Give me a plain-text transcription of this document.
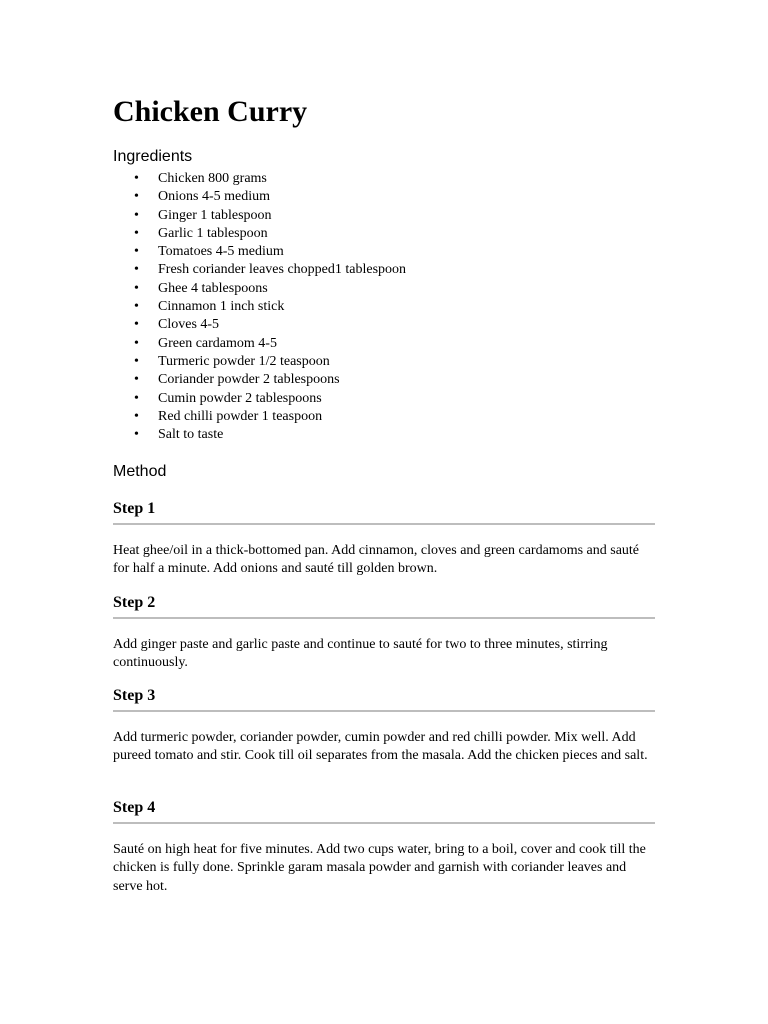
Chicken Curry
Ingredients
• Chicken 800 grams
• Onions 4-5 medium
• Ginger 1 tablespoon
• Garlic 1 tablespoon
• Tomatoes 4-5 medium
• Fresh coriander leaves chopped1 tablespoon
• Ghee 4 tablespoons
• Cinnamon 1 inch stick
• Cloves 4-5
• Green cardamom 4-5
• Turmeric powder 1/2 teaspoon
• Coriander powder 2 tablespoons
• Cumin powder 2 tablespoons
• Red chilli powder 1 teaspoon
• Salt to taste
Method
Step 1

Heat ghee/oil in a thick-bottomed pan. Add cinnamon, cloves and green cardamoms and sauté for half a minute. Add onions and sauté till golden brown.

Step 2

Add ginger paste and garlic paste and continue to sauté for two to three minutes, stirring continuously.

Step 3

Add turmeric powder, coriander powder, cumin powder and red chilli powder. Mix well. Add pureed tomato and stir. Cook till oil separates from the masala. Add the chicken pieces and salt.

Step 4

Sauté on high heat for five minutes. Add two cups water, bring to a boil, cover and cook till the chicken is fully done. Sprinkle garam masala powder and garnish with coriander leaves and serve hot.
